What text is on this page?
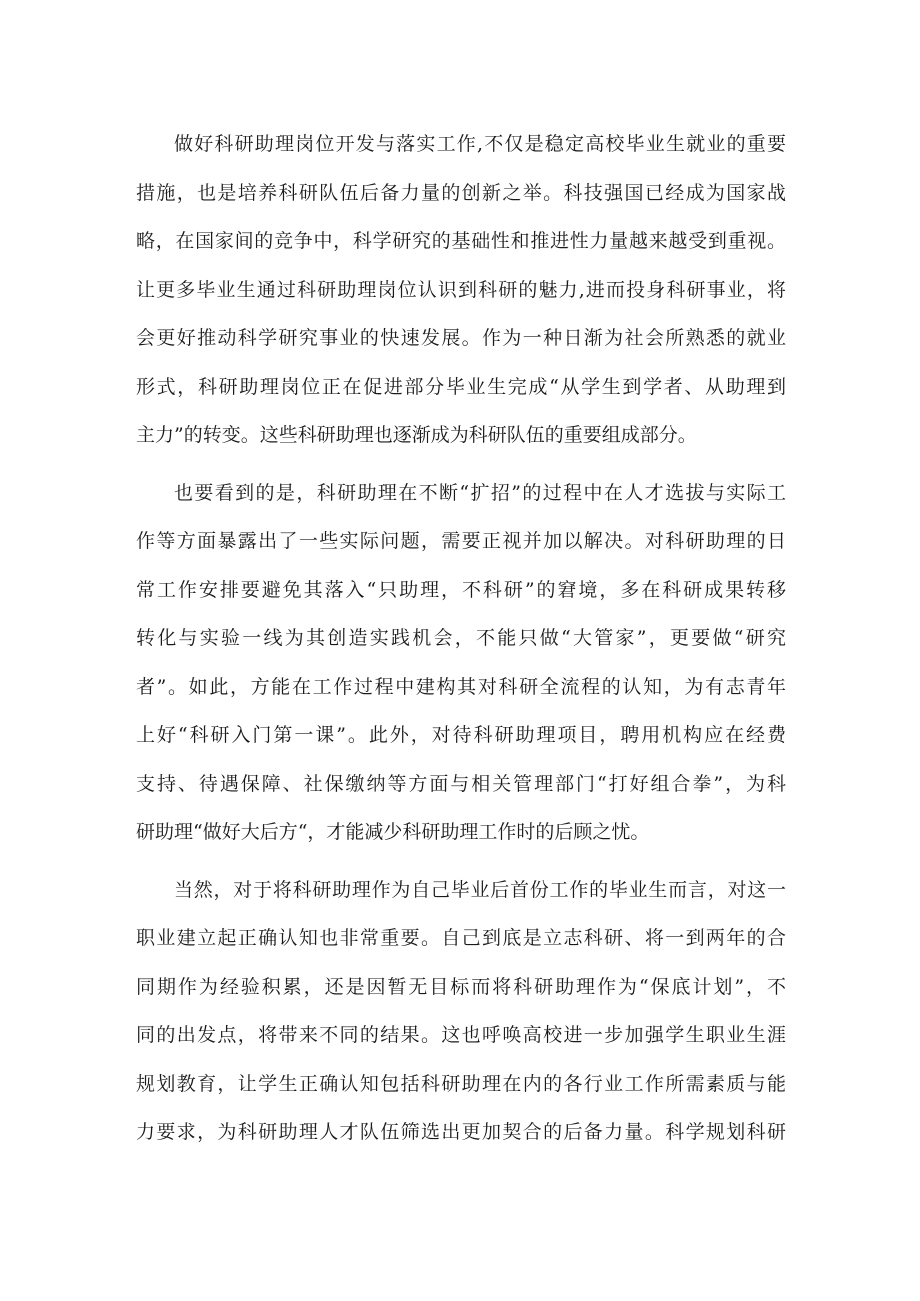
做好科研助理岗位开发与落实工作,不仅是稳定高校毕业生就业的重要
措施，也是培养科研队伍后备力量的创新之举。科技强国已经成为国家战
略，在国家间的竞争中，科学研究的基础性和推进性力量越来越受到重视。
让更多毕业生通过科研助理岗位认识到科研的魅力,进而投身科研事业，将
会更好推动科学研究事业的快速发展。作为一种日渐为社会所熟悉的就业
形式，科研助理岗位正在促进部分毕业生完成“从学生到学者、从助理到
主力”的转变。这些科研助理也逐渐成为科研队伍的重要组成部分。

也要看到的是，科研助理在不断“扩招”的过程中在人才选拔与实际工
作等方面暴露出了一些实际问题，需要正视并加以解决。对科研助理的日
常工作安排要避免其落入“只助理，不科研”的窘境，多在科研成果转移
转化与实验一线为其创造实践机会，不能只做“大管家”，更要做“研究
者”。如此，方能在工作过程中建构其对科研全流程的认知，为有志青年
上好“科研入门第一课”。此外，对待科研助理项目，聘用机构应在经费
支持、待遇保障、社保缴纳等方面与相关管理部门“打好组合拳”，为科
研助理“做好大后方“，才能减少科研助理工作时的后顾之忧。

当然，对于将科研助理作为自己毕业后首份工作的毕业生而言，对这一
职业建立起正确认知也非常重要。自己到底是立志科研、将一到两年的合
同期作为经验积累，还是因暂无目标而将科研助理作为“保底计划”，不
同的出发点，将带来不同的结果。这也呼唤高校进一步加强学生职业生涯
规划教育，让学生正确认知包括科研助理在内的各行业工作所需素质与能
力要求，为科研助理人才队伍筛选出更加契合的后备力量。科学规划科研
